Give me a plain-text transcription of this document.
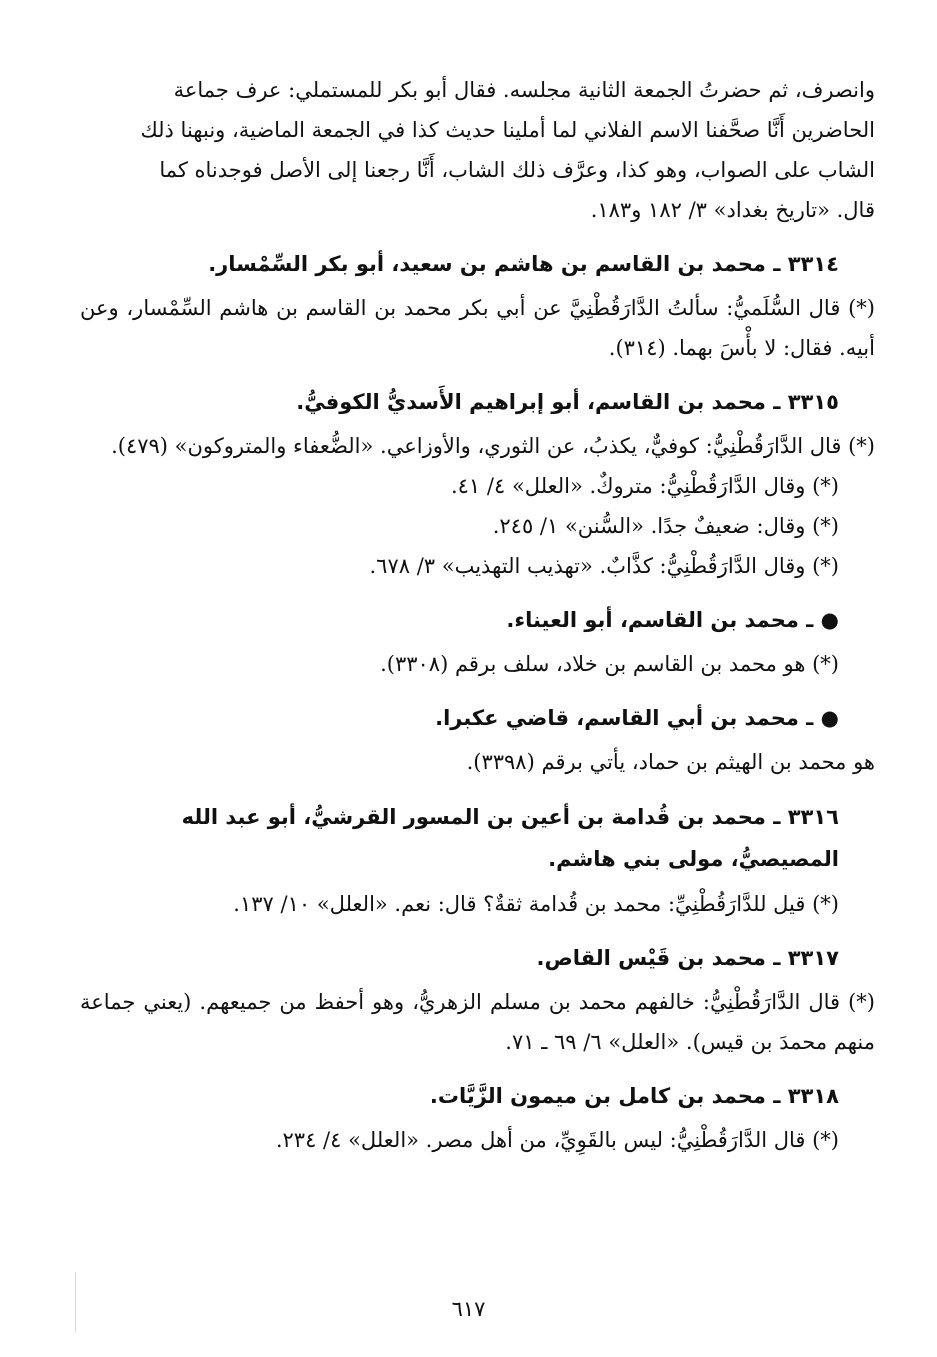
وانصرف، ثم حضرتُ الجمعة الثانية مجلسه. فقال أبو بكر للمستملي: عرف جماعة

الحاضرين أَنَّا صحَّفنا الاسم الفلاني لما أملينا حديث كذا في الجمعة الماضية، ونبهنا ذلك

الشاب على الصواب، وهو كذا، وعرَّف ذلك الشاب، أَنَّا رجعنا إلى الأصل فوجدناه كما

قال. «تاريخ بغداد» ٣/ ١٨٢ و١٨٣.

٣٣١٤ ـ محمد بن القاسم بن هاشم بن سعيد، أبو بكر السِّمْسار.

(*) قال السُّلَميُّ: سألتُ الدَّارَقُطْنِيَّ عن أبي بكر محمد بن القاسم بن هاشم السِّمْسار، وعن أبيه. فقال: لا بأْسَ بهما. (٣١٤).

٣٣١٥ ـ محمد بن القاسم، أبو إبراهيم الأَسديُّ الكوفيُّ.

(*) قال الدَّارَقُطْنِيُّ: كوفيٌّ، يكذبُ، عن الثوري، والأوزاعي. «الضُّعفاء والمتروكون» (٤٧٩).

(*) وقال الدَّارَقُطْنِيُّ: متروكٌ. «العلل» ٤/ ٤١.

(*) وقال: ضعيفٌ جدًا. «السُّنن» ١/ ٢٤٥.

(*) وقال الدَّارَقُطْنِيُّ: كذَّابٌ. «تهذيب التهذيب» ٣/ ٦٧٨.

● ـ محمد بن القاسم، أبو العيناء.

(*) هو محمد بن القاسم بن خلاد، سلف برقم (٣٣٠٨).

● ـ محمد بن أبي القاسم، قاضي عكبرا.

هو محمد بن الهيثم بن حماد، يأتي برقم (٣٣٩٨).

٣٣١٦ ـ محمد بن قُدامة بن أعين بن المسور القرشيُّ، أبو عبد الله المصيصيُّ، مولى بني هاشم.

(*) قيل للدَّارَقُطْنِيِّ: محمد بن قُدامة ثقةٌ؟ قال: نعم. «العلل» ١٠/ ١٣٧.

٣٣١٧ ـ محمد بن قَيْس القاص.

(*) قال الدَّارَقُطْنِيُّ: خالفهم محمد بن مسلم الزهريُّ، وهو أحفظ من جميعهم. (يعني جماعة منهم محمدَ بن قيس). «العلل» ٦/ ٦٩ ـ ٧١.

٣٣١٨ ـ محمد بن كامل بن ميمون الزَّيَّات.

(*) قال الدَّارَقُطْنِيُّ: ليس بالقَوِيِّ، من أهل مصر. «العلل» ٤/ ٢٣٤.

٦١٧
